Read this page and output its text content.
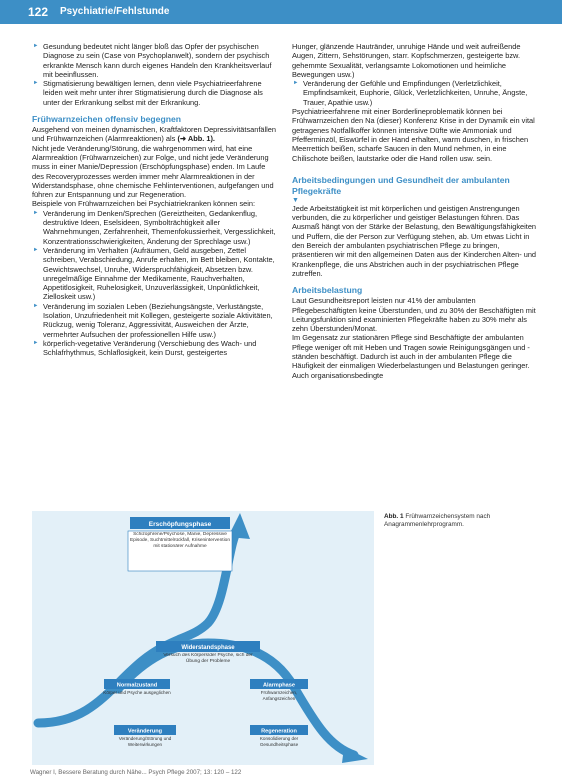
122 Psychiatrie/Fehlstunde
► Gesundung bedeutet nicht länger bloß das Opfer der psychischen Diagnose zu sein (Case von Psychoplanwelt), sondern der psychisch erkrankte Mensch kann durch eigenes Handeln den Krankheitsverlauf mit beeinflussen.
► Stigmatisierung bewältigen lernen, denn viele Psychiatrieerfahrene leiden weit mehr unter ihrer Stigmatisierung durch die Diagnose als unter der Erkrankung selbst mit der Erkrankung.

Frühwarnzeichen offensiv begegnen

Ausgehend von meinen dynamischen, Kraftfaktoren Depressivitätsanfällen und Frühwarnzeichen (Alarmreaktionen) als (➜ Abb. 1).

Nicht jede Veränderung/Störung, die wahrgenommen wird, hat eine Alarmreaktion (Frühwarnzeichen) zur Folge, und nicht jede Veränderung muss in einer Manie/Depression (Erschöpfungsphase) enden. Im Laufe des Recoveryprozesses werden immer mehr Alarmreaktionen in der Widerstandsphase, ohne chemische Fehlinterventionen, aufgefangen und führen zur Entspannung und zur Regeneration.

Beispiele von Frühwarnzeichen bei Psychiatriekranken können sein:

► Veränderung im Denken/Sprechen (Gereiztheiten, Gedankenflug, destruktive Ideen, Eselsideen, Symbolträchtigkeit aller Wahrnehmungen, Zerfahrenheit, Themenfokussierheit, Vergesslichkeit, Konzentrationsschwierigkeiten, Änderung der Sprechlage usw.)
► Veränderung im Verhalten (Aufräumen, Geld ausgeben, Zettel schreiben, Verabschiedung, Anrufe erhalten, im Bett bleiben, Kontakte, Gewichtswechsel, Unruhe, Widerspruchfähigkeit, Absetzen bzw. unregelmäßige Einnahme der Medikamente, Rauchverhalten, Appetitlosigkeit, Ruhelosigkeit, Unzuverlässigkeit, Unpünktlichkeit, Zielloskeit usw.)
► Veränderung im sozialen Leben (Beziehungsängste, Verlustängste, Isolation, Unzufriedenheit mit Kollegen, gesteigerte soziale Aktivitäten, Rückzug, wenig Toleranz, Aggressivität, Ausweichen der Ärzte, vermehrter Aufsuchen der professionellen Hilfe usw.)
► körperlich-vegetative Veränderung (Verschiebung des Wach- und Schlafrhythmus, Schlaflosigkeit, kein Durst, gesteigertes

Hunger, glänzende Hautränder, unruhige Hände und weit aufreißende Augen, Zittern, Sehstörungen, starr. Kopfschmerzen, gesteigerte bzw. gehemmte Sexualität, verlangsamte Lokomotionen und heimliche Bewegungen usw.)

► Veränderung der Gefühle und Empfindungen (Verletzlichkeit, Empfindsamkeit, Euphorie, Glück, Verletzlichkeiten, Unruhe, Ängste, Trauer, Apathie usw.)

Psychiatrieerfahrene mit einer Borderlineproblematik können bei Frühwarnzeichen den Na (dieser) Konferenz Krise in der Dynamik ein vital getragenes Notfallkoffer können intensive Düfte wie Ammoniak und Pfefferminzöl, Eiswürfel in der Hand erhalten, warm duschen, in frischen Meerrettich beißen, scharfe Saucen in den Mund nehmen, in eine Chilischote beißen, lautstarke oder die Hand rollen usw. sein.

Arbeitsbedingungen und Gesundheit der ambulanten Pflegekräfte

▼

Jede Arbeitstätigkeit ist mit körperlichen und geistigen Anstrengungen verbunden, die zu körperlicher und geistiger Belastungen führen. Das Ausmaß hängt von der Stärke der Belastung, den Bewältigungsfähigkeiten und Puffern, die der Person zur Verfügung stehen, ab. Um etwas Licht in den Bereich der ambulanten psychiatrischen Pflege zu bringen, präsentieren wir mit den allgemeinen Daten aus der Kinderchen Alten- und Krankenpflege, die uns Abstrichen auch in der psychiatrischen Pflege zutreffen.

Arbeitsbelastung

Laut Gesundheitsreport leisten nur 41% der ambulanten Pflegebeschäftigten keine Überstunden, und zu 30% der Beschäftigten mit Leitungsfunktion sind examinierten Pflegekräfte haben zu 30% mehr als zehn Überstunden/Monat.

Im Gegensatz zur stationären Pflege sind Beschäftigte der ambulanten Pflege weniger oft mit Heben und Tragen sowie Reinigungsgängen und -ständen beschäftigt. Dadurch ist auch in der ambulanten Pflege die Häufigkeit der einmaligen Wiederbelastungen und Belastungen geringer. Auch organisationsbedingte

Erschöpfungsphase
Schizophrene/Psychose, Manie, Depressive Episode, Suchtmittelrückfall, Krisenintervention mit stationärer Aufnahme
Widerstandsphase
Versuch des Körpers/der Psyche, sich der Übung der Probleme
Normalzustand
Körper und Psyche ausgeglichen
Alarmphase
Frühwarnzeichen, Anfangszeichen
Veränderung
Veränderung/Störung und Weiterwirkungen
Regeneration
Konsolidierung der Gesundheitsphase
Abb. 1 Frühwarnzeichensystem nach Anagrammenlehrprogramm.
Wagner I, Bessere Beratung durch Nähe... Psych Pflege 2007; 13: 120 – 122
